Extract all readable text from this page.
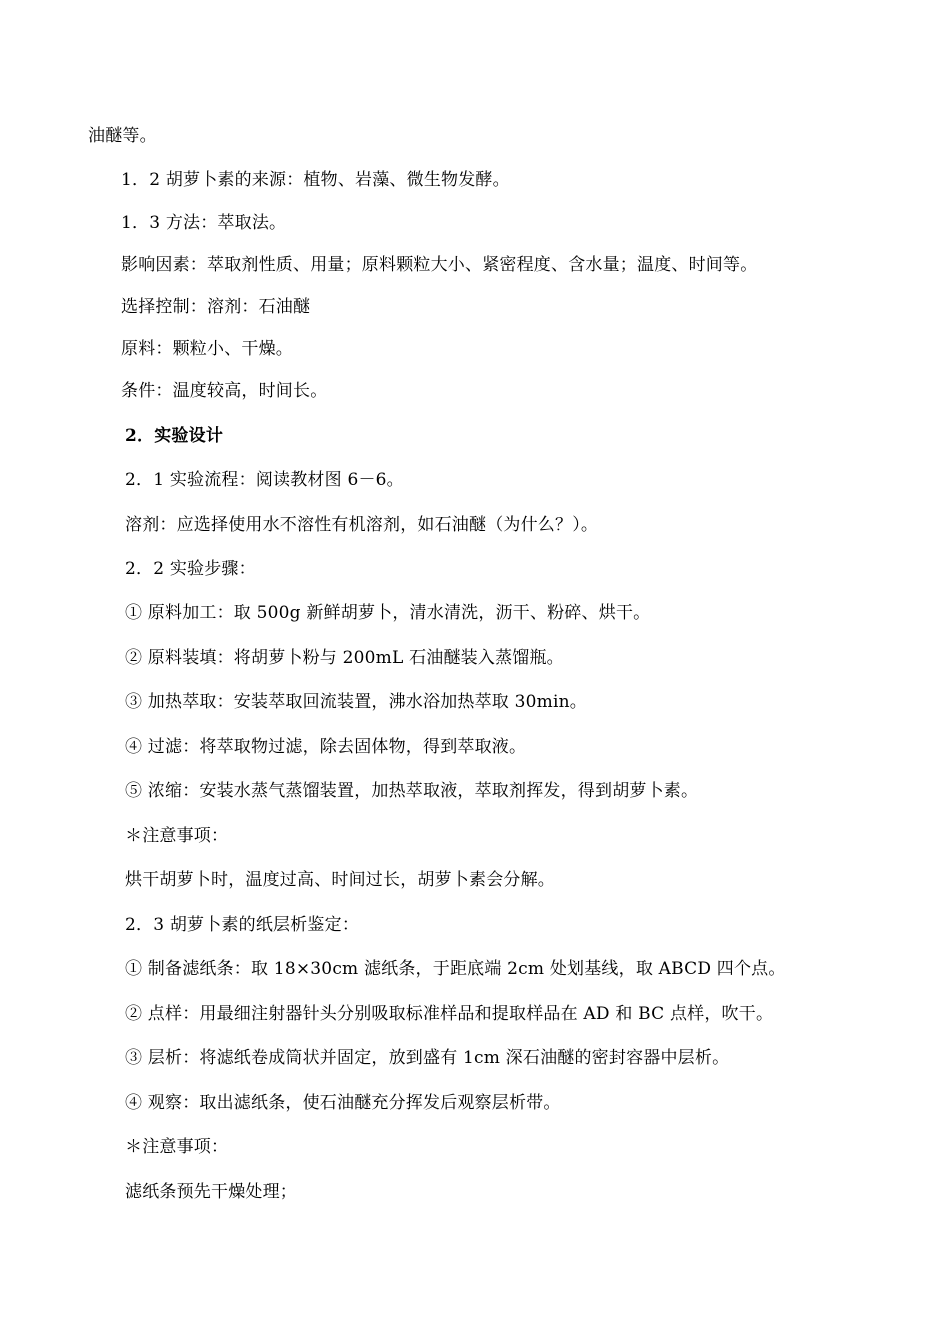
油醚等。
1．2 胡萝卜素的来源：植物、岩藻、微生物发酵。
1．3 方法：萃取法。
影响因素：萃取剂性质、用量；原料颗粒大小、紧密程度、含水量；温度、时间等。
选择控制：溶剂：石油醚
原料：颗粒小、干燥。
条件：温度较高，时间长。
2．实验设计
2．1 实验流程：阅读教材图 6－6。
溶剂：应选择使用水不溶性有机溶剂，如石油醚（为什么？）。
2．2 实验步骤：
① 原料加工：取 500g 新鲜胡萝卜，清水清洗，沥干、粉碎、烘干。
② 原料装填：将胡萝卜粉与 200mL 石油醚装入蒸馏瓶。
③ 加热萃取：安装萃取回流装置，沸水浴加热萃取 30min。
④ 过滤：将萃取物过滤，除去固体物，得到萃取液。
⑤ 浓缩：安装水蒸气蒸馏装置，加热萃取液，萃取剂挥发，得到胡萝卜素。
＊注意事项：
烘干胡萝卜时，温度过高、时间过长，胡萝卜素会分解。
2．3 胡萝卜素的纸层析鉴定：
① 制备滤纸条：取 18×30cm 滤纸条，于距底端 2cm 处划基线，取 ABCD 四个点。
② 点样：用最细注射器针头分别吸取标准样品和提取样品在 AD 和 BC 点样，吹干。
③ 层析：将滤纸卷成筒状并固定，放到盛有 1cm 深石油醚的密封容器中层析。
④ 观察：取出滤纸条，使石油醚充分挥发后观察层析带。
＊注意事项：
滤纸条预先干燥处理；
